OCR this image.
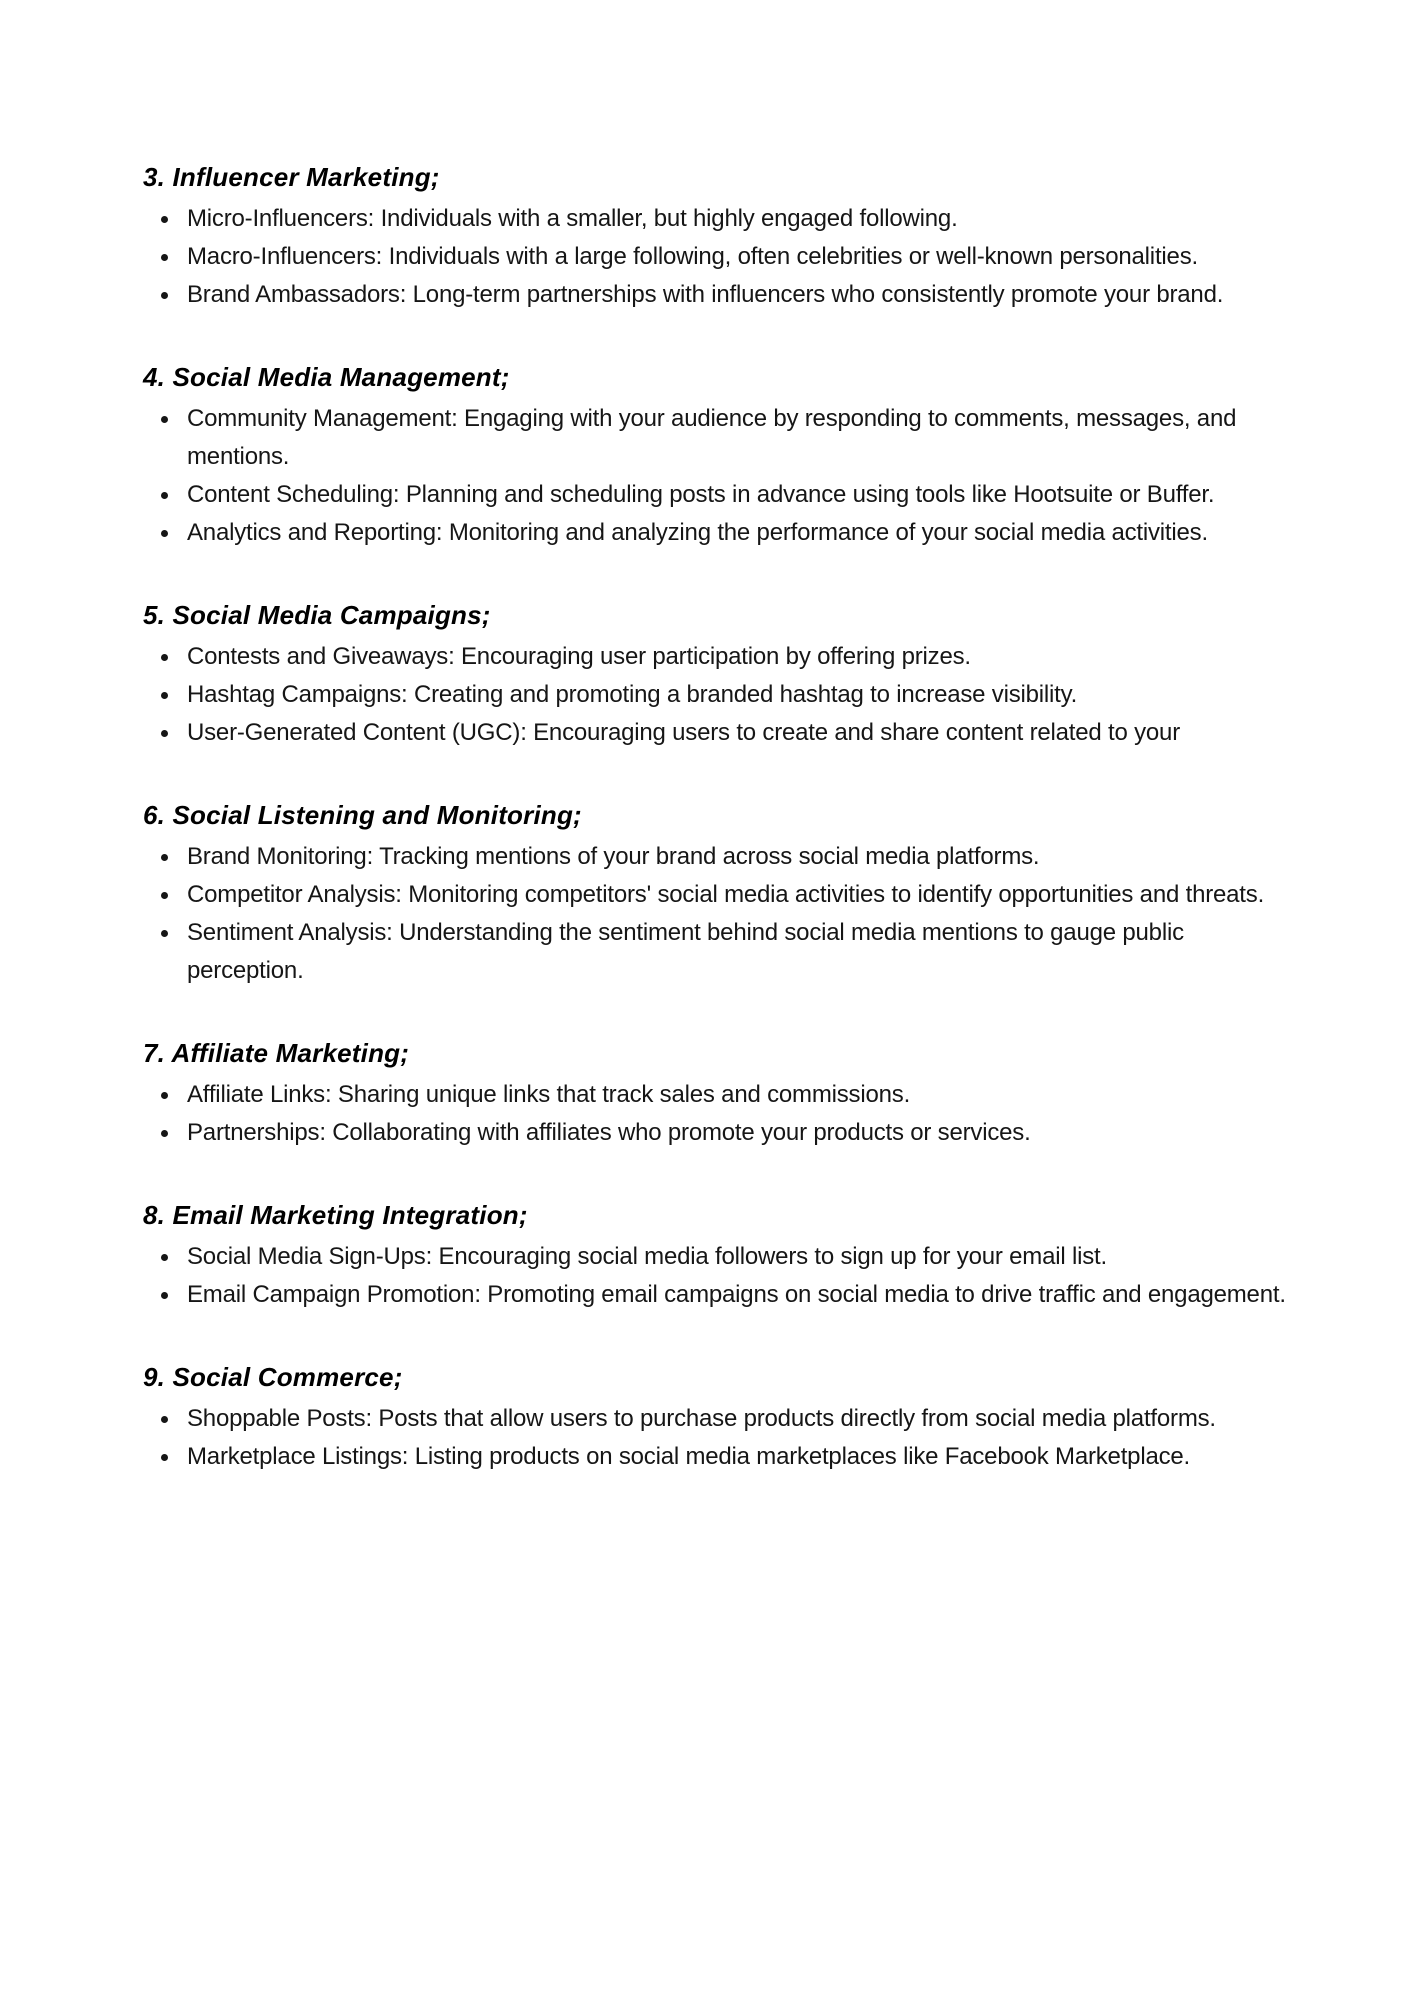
3. Influencer Marketing;
Micro-Influencers: Individuals with a smaller, but highly engaged following.
Macro-Influencers: Individuals with a large following, often celebrities or well-known personalities.
Brand Ambassadors: Long-term partnerships with influencers who consistently promote your brand.
4. Social Media Management;
Community Management: Engaging with your audience by responding to comments, messages, and mentions.
Content Scheduling: Planning and scheduling posts in advance using tools like Hootsuite or Buffer.
Analytics and Reporting: Monitoring and analyzing the performance of your social media activities.
5. Social Media Campaigns;
Contests and Giveaways: Encouraging user participation by offering prizes.
Hashtag Campaigns: Creating and promoting a branded hashtag to increase visibility.
User-Generated Content (UGC): Encouraging users to create and share content related to your
6. Social Listening and Monitoring;
Brand Monitoring: Tracking mentions of your brand across social media platforms.
Competitor Analysis: Monitoring competitors' social media activities to identify opportunities and threats.
Sentiment Analysis: Understanding the sentiment behind social media mentions to gauge public perception.
7. Affiliate Marketing;
Affiliate Links: Sharing unique links that track sales and commissions.
Partnerships: Collaborating with affiliates who promote your products or services.
8. Email Marketing Integration;
Social Media Sign-Ups: Encouraging social media followers to sign up for your email list.
Email Campaign Promotion: Promoting email campaigns on social media to drive traffic and engagement.
9. Social Commerce;
Shoppable Posts: Posts that allow users to purchase products directly from social media platforms.
Marketplace Listings: Listing products on social media marketplaces like Facebook Marketplace.
